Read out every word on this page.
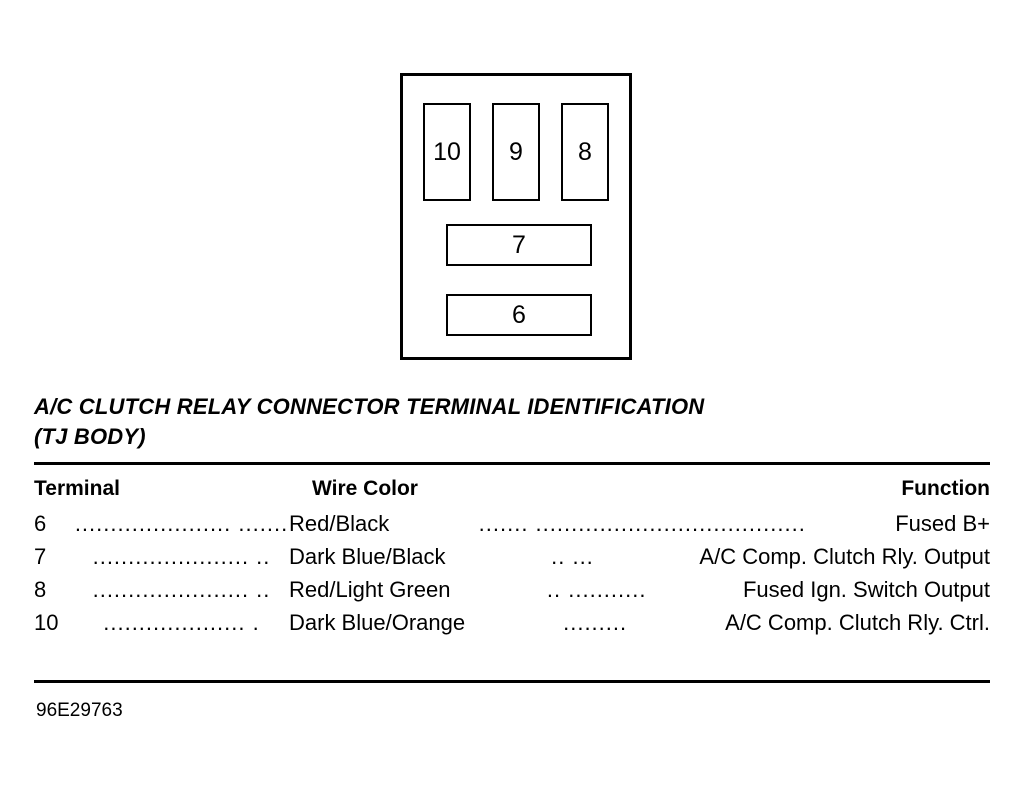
10 9 8
7
6
A/C CLUTCH RELAY CONNECTOR TERMINAL IDENTIFICATION
(TJ BODY)
Terminal	Wire Color	Function
6	...................... ....... Red/Black	....... ......................................	Fused B+
7	...................... .. Dark Blue/Black	.. ...	A/C Comp. Clutch Rly. Output
8	...................... .. Red/Light Green	.. ...........	Fused Ign. Switch Output
10	.................... .	Dark Blue/Orange	.........	A/C Comp. Clutch Rly. Ctrl.
96E29763
